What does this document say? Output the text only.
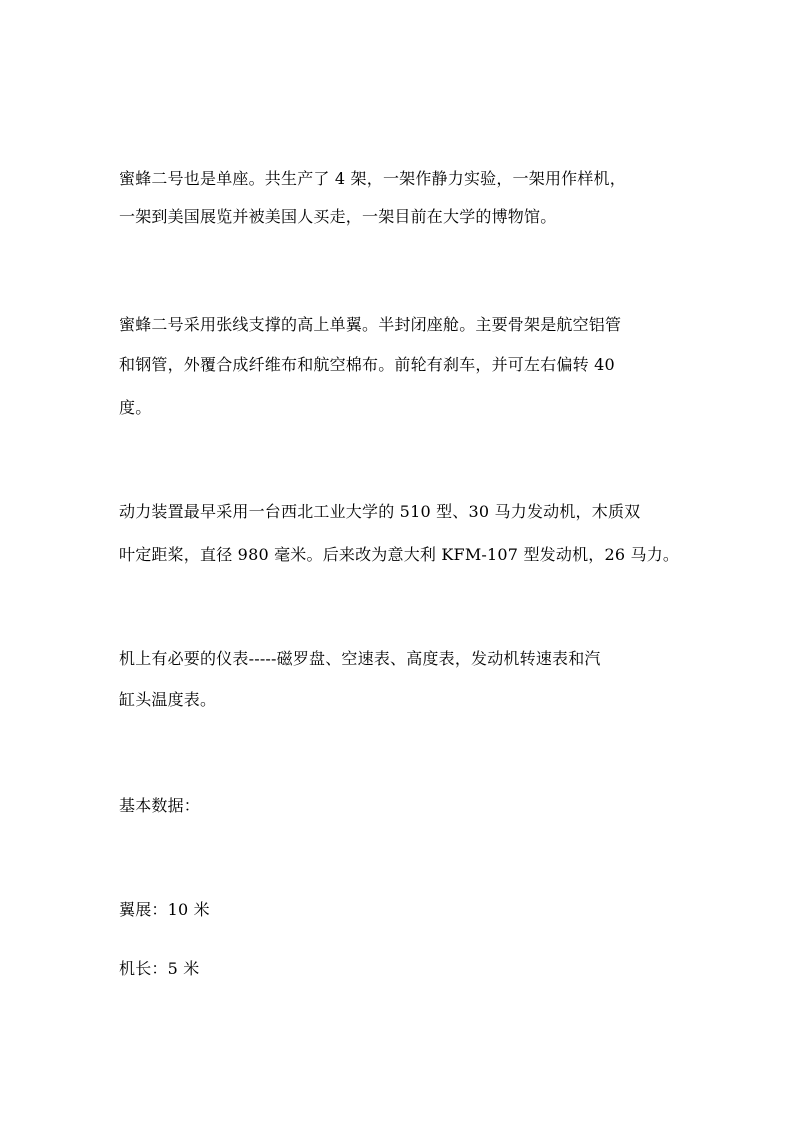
蜜蜂二号也是单座。共生产了 4 架，一架作静力实验，一架用作样机，
一架到美国展览并被美国人买走，一架目前在大学的博物馆。
蜜蜂二号采用张线支撑的高上单翼。半封闭座舱。主要骨架是航空铝管
和钢管，外覆合成纤维布和航空棉布。前轮有刹车，并可左右偏转 40
度。
动力装置最早采用一台西北工业大学的 510 型、30 马力发动机，木质双
叶定距桨，直径 980 毫米。后来改为意大利 KFM-107 型发动机，26 马力。
机上有必要的仪表-----磁罗盘、空速表、高度表，发动机转速表和汽
缸头温度表。
基本数据：
翼展：10 米
机长：5 米
